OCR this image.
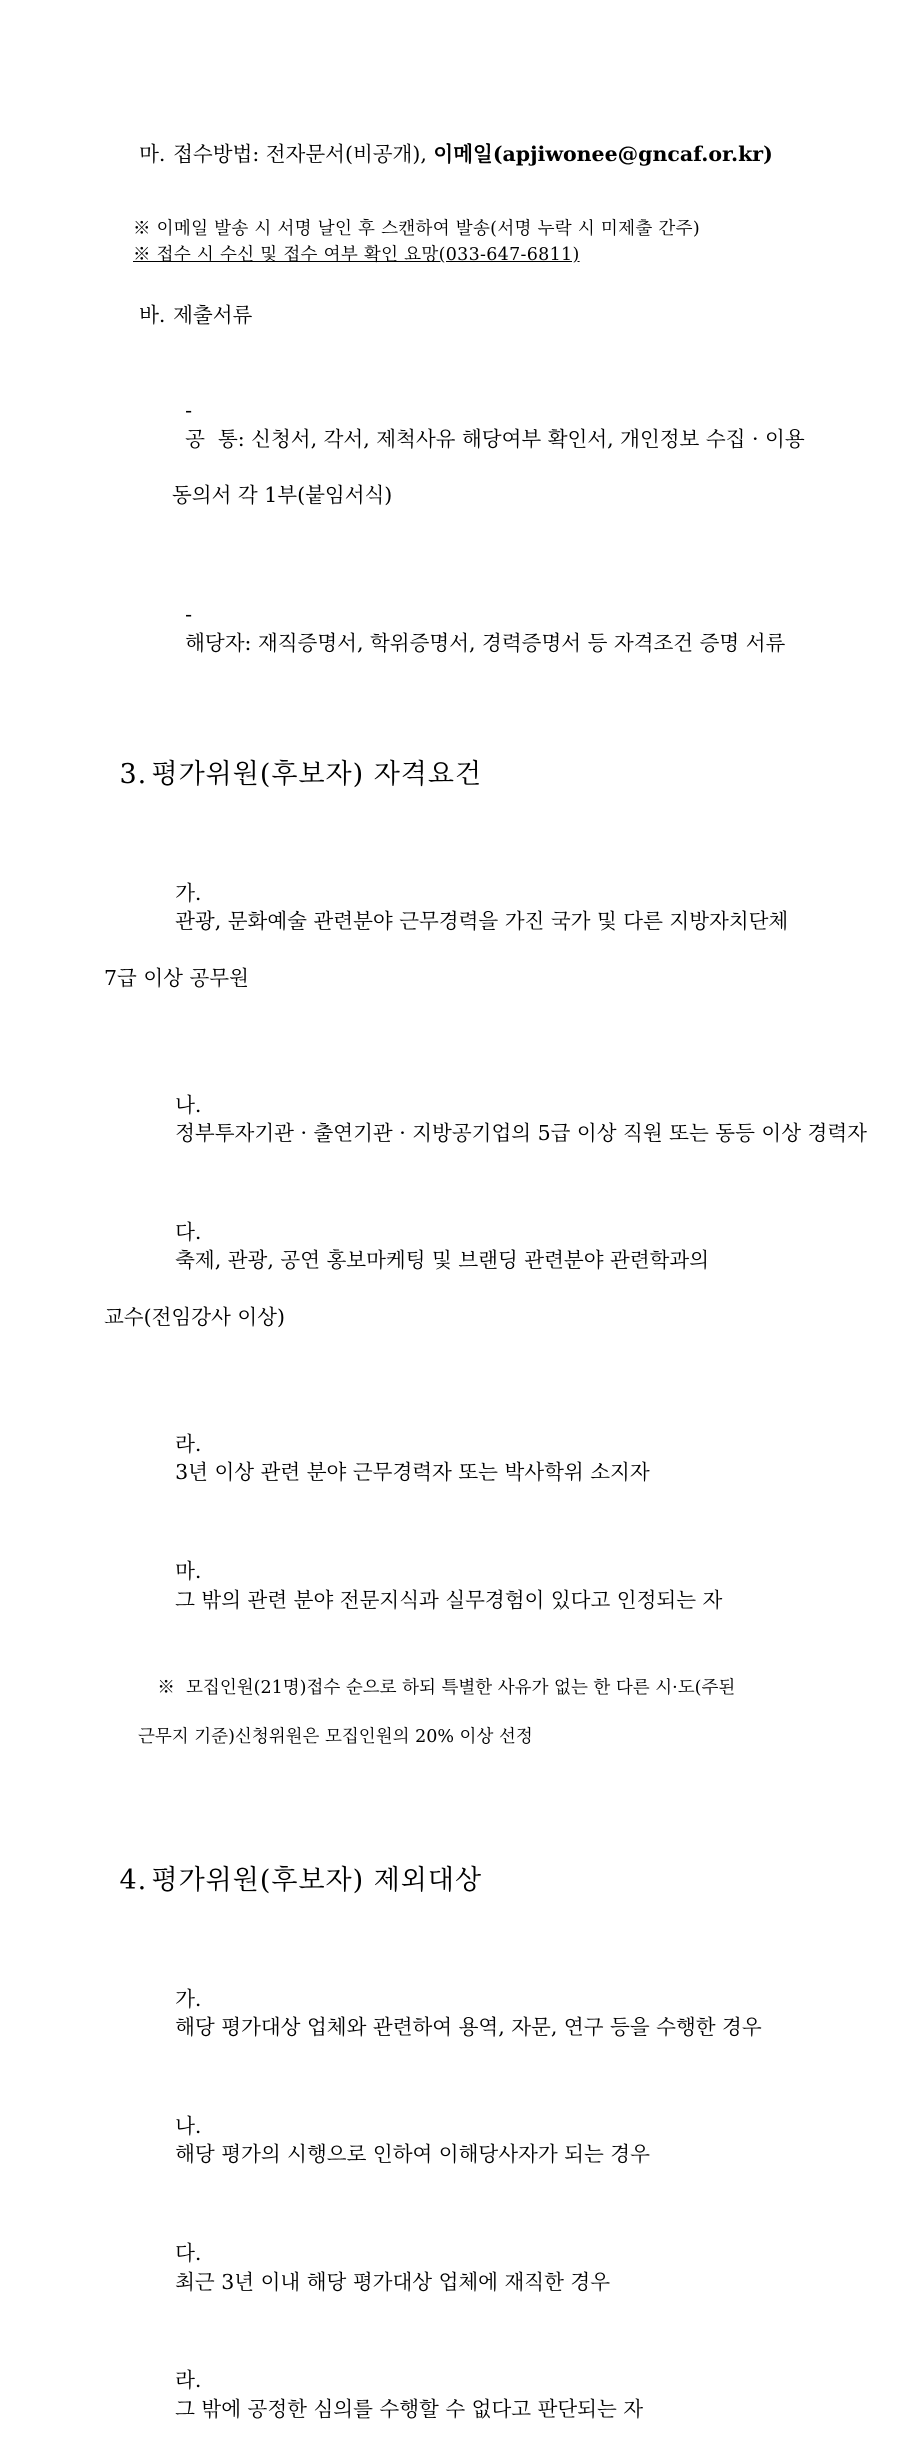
마. 접수방법: 전자문서(비공개), 이메일(apjiwonee@gncaf.or.kr)

※ 이메일 발송 시 서명 날인 후 스캔하여 발송(서명 누락 시 미제출 간주)
※ 접수 시 수신 및 접수 여부 확인 요망(033-647-6811)

바. 제출서류

-
공  통: 신청서, 각서, 제척사유 해당여부 확인서, 개인정보 수집 · 이용

동의서 각 1부(붙임서식)

-
해당자: 재직증명서, 학위증명서, 경력증명서 등 자격조건 증명 서류

3. 평가위원(후보자) 자격요건

가.
관광, 문화예술 관련분야 근무경력을 가진 국가 및 다른 지방자치단체

7급 이상 공무원

나.
정부투자기관 · 출연기관 · 지방공기업의 5급 이상 직원 또는 동등 이상 경력자

다.
축제, 관광, 공연 홍보마케팅 및 브랜딩 관련분야 관련학과의

교수(전임강사 이상)

라.
3년 이상 관련 분야 근무경력자 또는 박사학위 소지자

마.
그 밖의 관련 분야 전문지식과 실무경험이 있다고 인정되는 자

※  모집인원(21명)접수 순으로 하되 특별한 사유가 없는 한 다른 시·도(주된

근무지 기준)신청위원은 모집인원의 20% 이상 선정

4. 평가위원(후보자) 제외대상

가.
해당 평가대상 업체와 관련하여 용역, 자문, 연구 등을 수행한 경우

나.
해당 평가의 시행으로 인하여 이해당사자가 되는 경우

다.
최근 3년 이내 해당 평가대상 업체에 재직한 경우

라.
그 밖에 공정한 심의를 수행할 수 없다고 판단되는 자
